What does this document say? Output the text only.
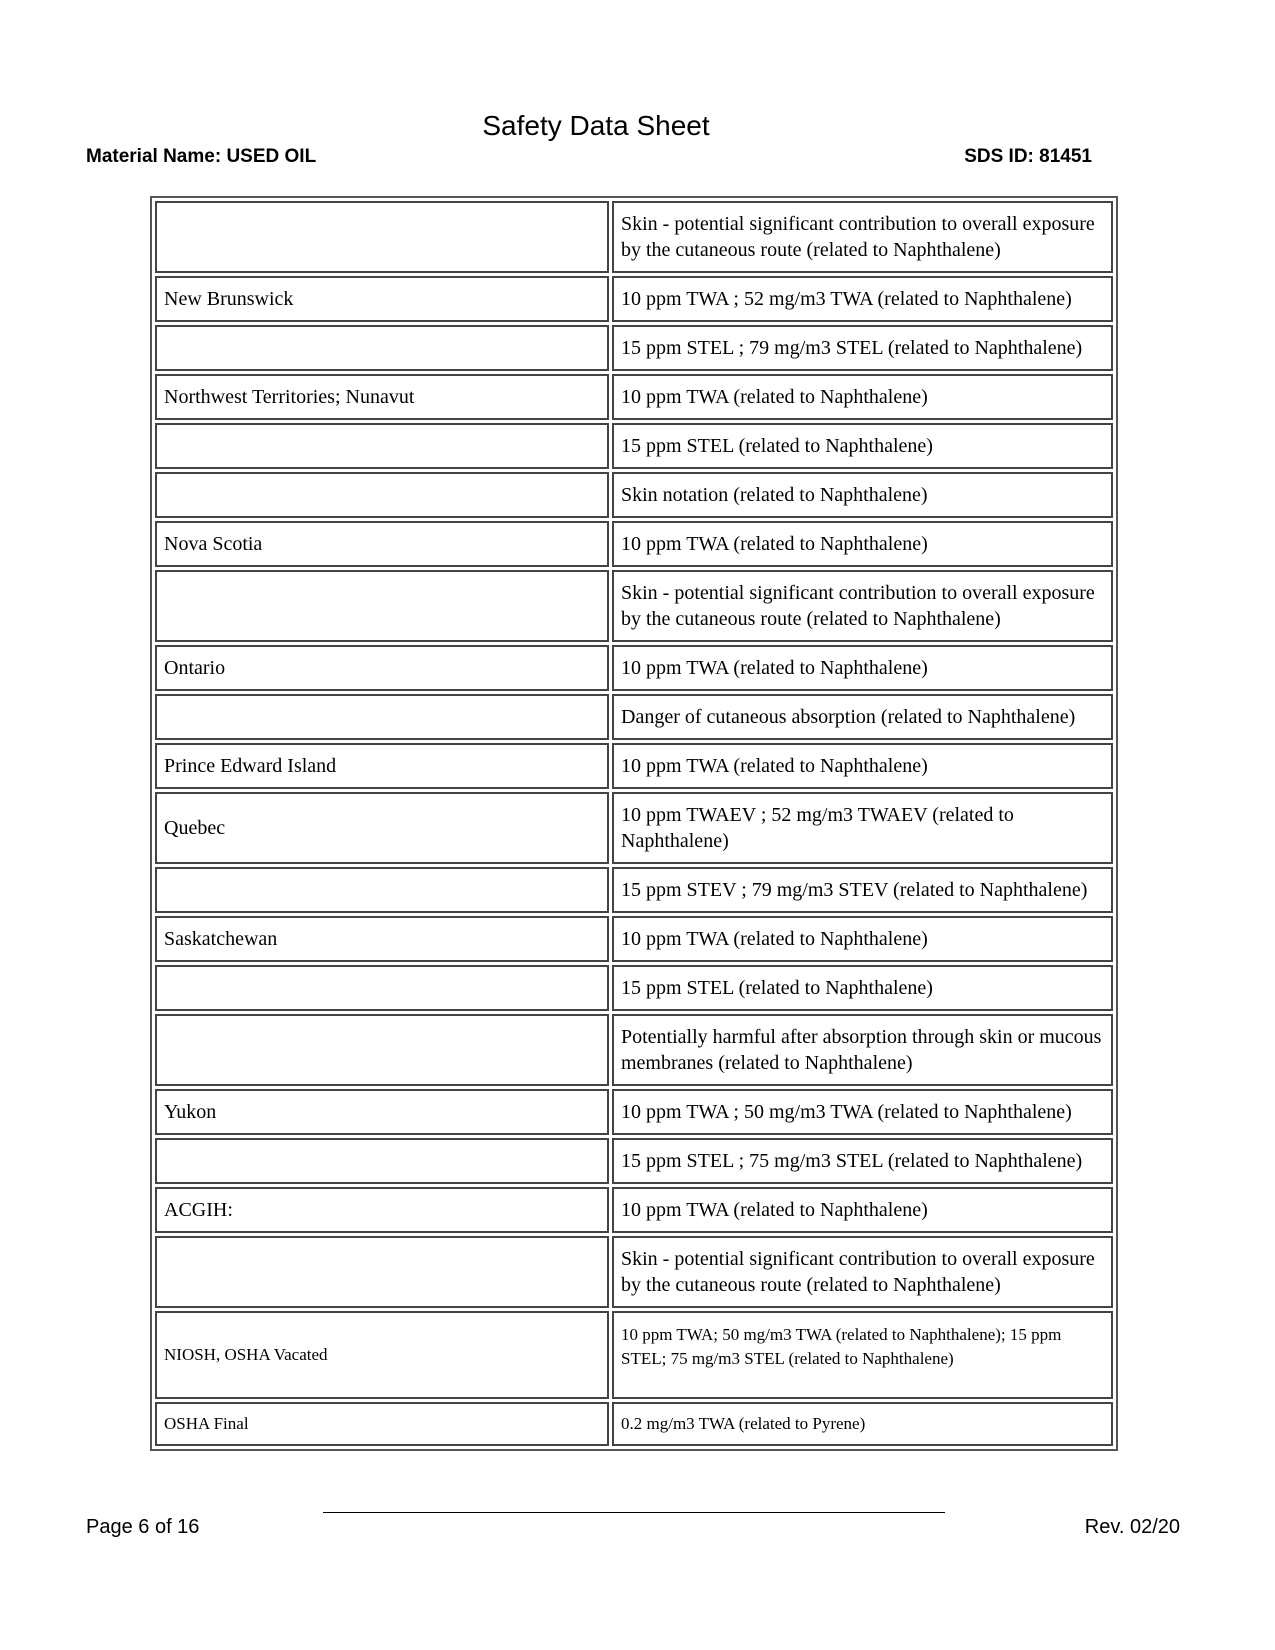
Safety Data Sheet
Material Name: USED OIL	SDS ID: 81451
	Skin - potential significant contribution to overall exposure by the cutaneous route (related to Naphthalene)
New Brunswick	10 ppm TWA ; 52 mg/m3 TWA (related to Naphthalene)
	15 ppm STEL ; 79 mg/m3 STEL (related to Naphthalene)
Northwest Territories; Nunavut	10 ppm TWA (related to Naphthalene)
	15 ppm STEL (related to Naphthalene)
	Skin notation (related to Naphthalene)
Nova Scotia	10 ppm TWA (related to Naphthalene)
	Skin - potential significant contribution to overall exposure by the cutaneous route (related to Naphthalene)
Ontario	10 ppm TWA (related to Naphthalene)
	Danger of cutaneous absorption (related to Naphthalene)
Prince Edward Island	10 ppm TWA (related to Naphthalene)
Quebec	10 ppm TWAEV ; 52 mg/m3 TWAEV (related to Naphthalene)
	15 ppm STEV ; 79 mg/m3 STEV (related to Naphthalene)
Saskatchewan	10 ppm TWA (related to Naphthalene)
	15 ppm STEL (related to Naphthalene)
	Potentially harmful after absorption through skin or mucous membranes (related to Naphthalene)
Yukon	10 ppm TWA ; 50 mg/m3 TWA (related to Naphthalene)
	15 ppm STEL ; 75 mg/m3 STEL (related to Naphthalene)
ACGIH:	10 ppm TWA (related to Naphthalene)
	Skin - potential significant contribution to overall exposure by the cutaneous route (related to Naphthalene)
NIOSH, OSHA Vacated	10 ppm TWA; 50 mg/m3 TWA (related to Naphthalene); 15 ppm STEL; 75 mg/m3 STEL (related to Naphthalene)
OSHA Final	0.2 mg/m3 TWA (related to Pyrene)
Page 6 of 16	Rev. 02/20
